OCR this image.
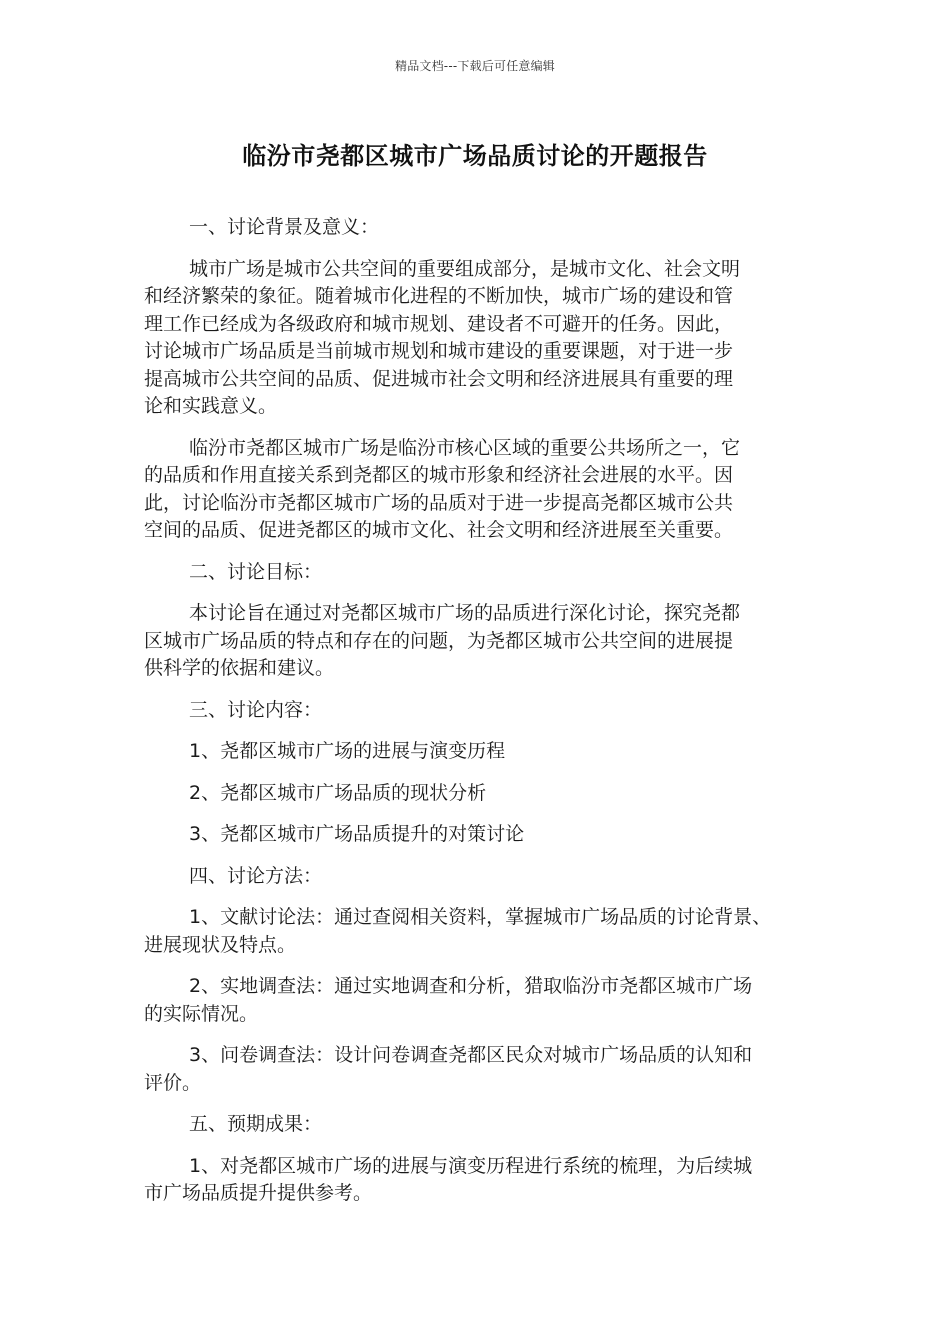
精品文档---下载后可任意编辑
临汾市尧都区城市广场品质讨论的开题报告
一、讨论背景及意义：
城市广场是城市公共空间的重要组成部分，是城市文化、社会文明
和经济繁荣的象征。随着城市化进程的不断加快，城市广场的建设和管
理工作已经成为各级政府和城市规划、建设者不可避开的任务。因此，
讨论城市广场品质是当前城市规划和城市建设的重要课题，对于进一步
提高城市公共空间的品质、促进城市社会文明和经济进展具有重要的理
论和实践意义。
临汾市尧都区城市广场是临汾市核心区域的重要公共场所之一，它
的品质和作用直接关系到尧都区的城市形象和经济社会进展的水平。因
此，讨论临汾市尧都区城市广场的品质对于进一步提高尧都区城市公共
空间的品质、促进尧都区的城市文化、社会文明和经济进展至关重要。
二、讨论目标：
本讨论旨在通过对尧都区城市广场的品质进行深化讨论，探究尧都
区城市广场品质的特点和存在的问题，为尧都区城市公共空间的进展提
供科学的依据和建议。
三、讨论内容：
1、尧都区城市广场的进展与演变历程
2、尧都区城市广场品质的现状分析
3、尧都区城市广场品质提升的对策讨论
四、讨论方法：
1、文献讨论法：通过查阅相关资料，掌握城市广场品质的讨论背景、
进展现状及特点。
2、实地调查法：通过实地调查和分析，猎取临汾市尧都区城市广场
的实际情况。
3、问卷调查法：设计问卷调查尧都区民众对城市广场品质的认知和
评价。
五、预期成果：
1、对尧都区城市广场的进展与演变历程进行系统的梳理，为后续城
市广场品质提升提供参考。
